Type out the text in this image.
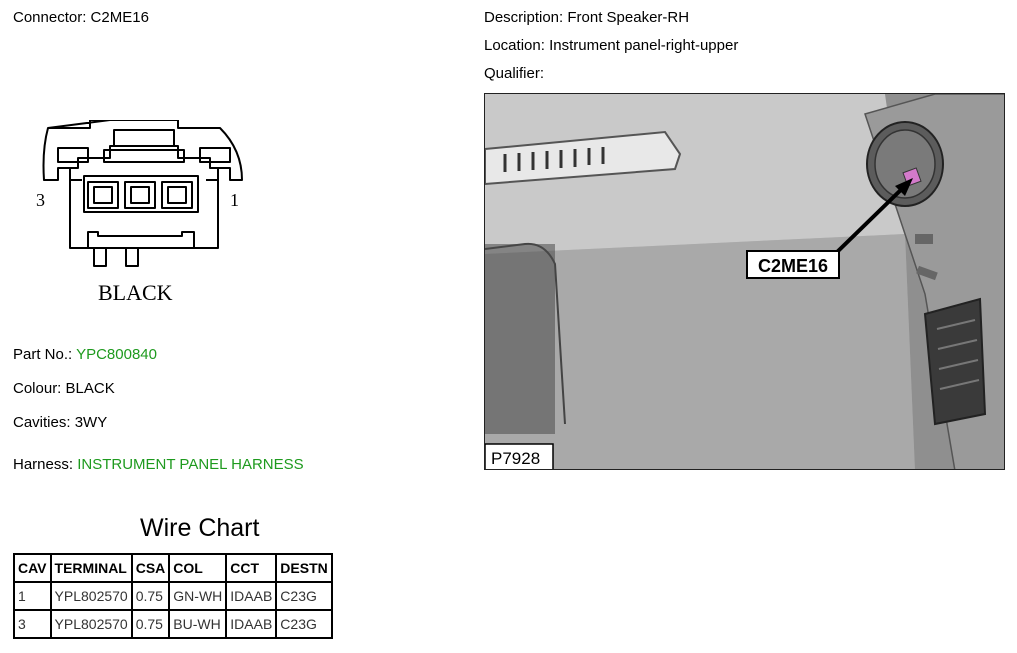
Connector: C2ME16	Description: Front Speaker-RH
Location: Instrument panel-right-upper
Qualifier:
3	1
BLACK
Part No.: YPC800840
Colour: BLACK
Cavities: 3WY
Harness: INSTRUMENT PANEL HARNESS
C2ME16
P7928
Wire Chart
CAV	TERMINAL	CSA	COL	CCT	DESTN
1	YPL802570	0.75	GN-WH	IDAAB	C23G
3	YPL802570	0.75	BU-WH	IDAAB	C23G
